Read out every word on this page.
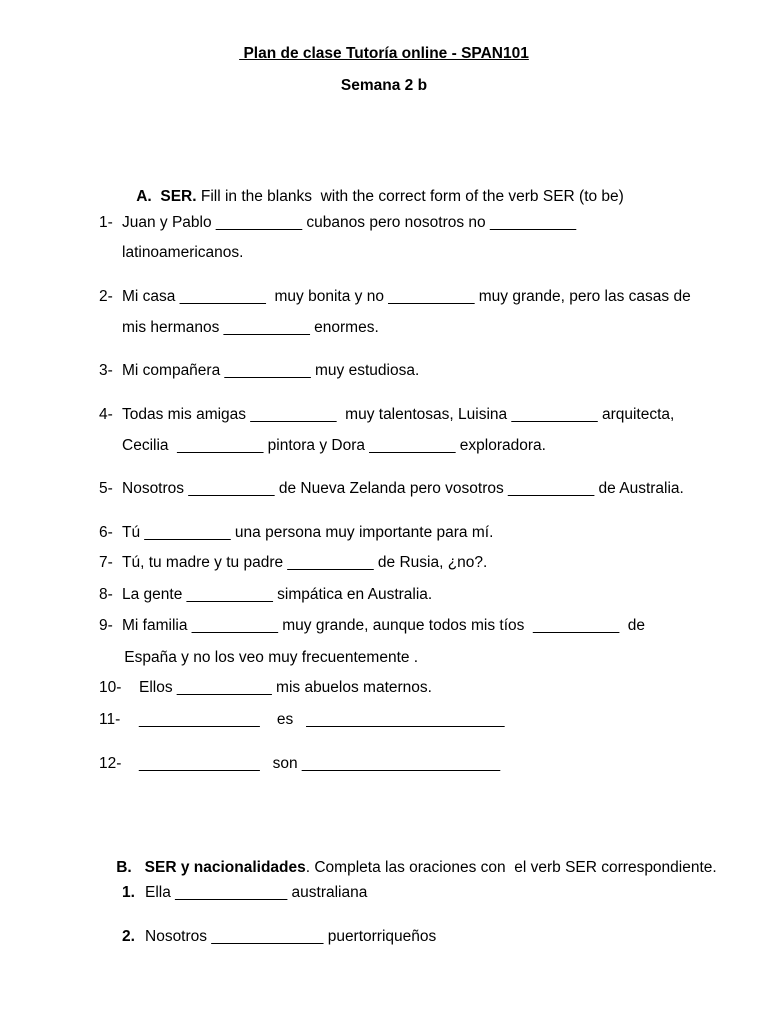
Plan de clase Tutoría online - SPAN101
Semana 2 b

A. SER. Fill in the blanks  with the correct form of the verb SER (to be)

1- Juan y Pablo __________ cubanos pero nosotros no __________
latinoamericanos.
2- Mi casa __________  muy bonita y no __________ muy grande, pero las casas de
mis hermanos __________ enormes.
3- Mi compañera __________ muy estudiosa.
4- Todas mis amigas __________  muy talentosas, Luisina __________ arquitecta,
Cecilia  __________ pintora y Dora __________ exploradora.
5- Nosotros __________ de Nueva Zelanda pero vosotros __________ de Australia.
6- Tú __________ una persona muy importante para mí.
7- Tú, tu madre y tu padre __________ de Rusia, ¿no?.
8- La gente __________ simpática en Australia.
9- Mi familia __________ muy grande, aunque todos mis tíos  __________  de
España y no los veo muy frecuentemente .
10- Ellos ___________ mis abuelos maternos.
11- ______________    es   _______________________
12- ______________   son _______________________

B. SER y nacionalidades. Completa las oraciones con  el verb SER correspondiente.

1. Ella _____________ australiana
2. Nosotros _____________ puertorriqueños
